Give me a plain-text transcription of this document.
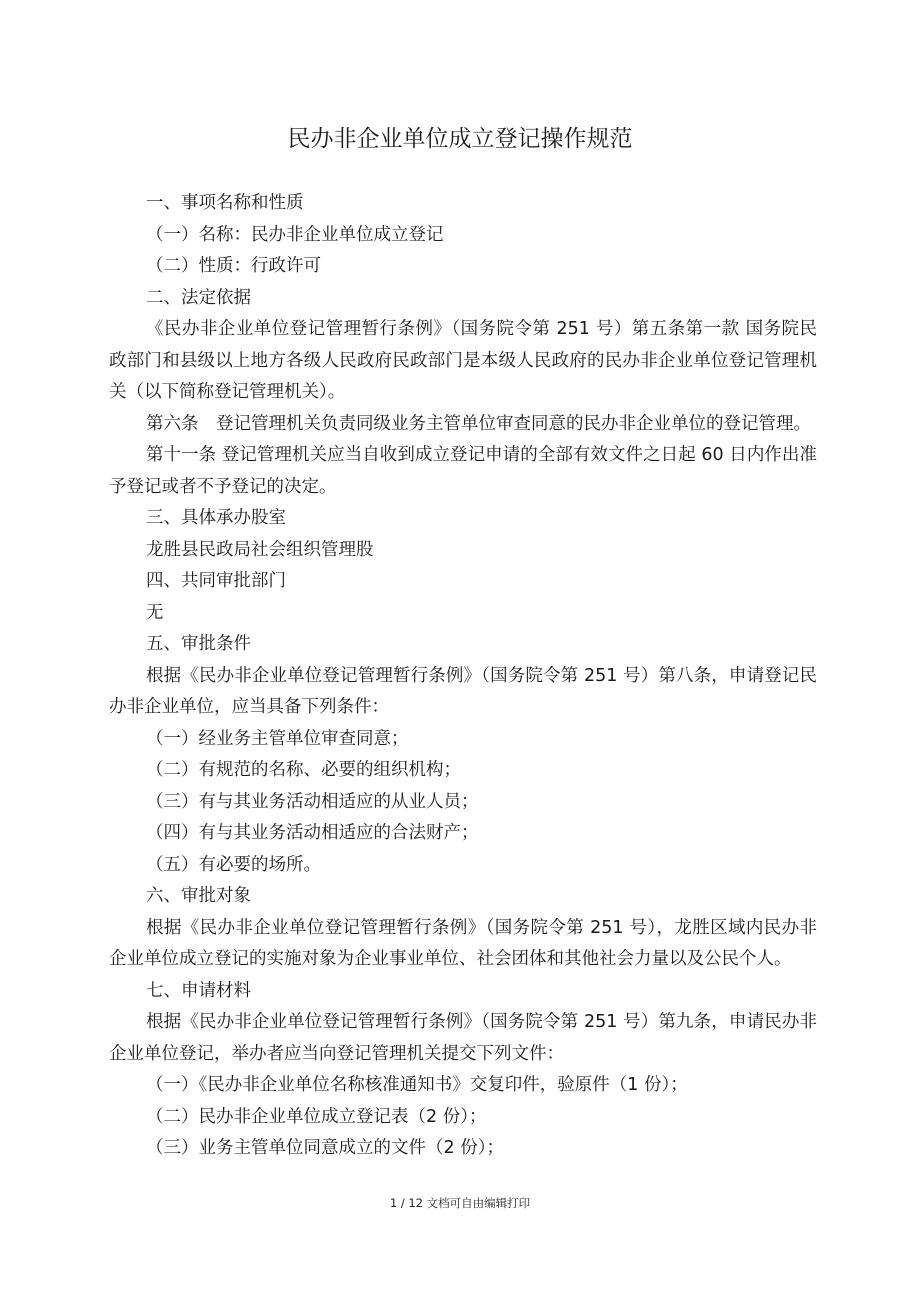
民办非企业单位成立登记操作规范

一、事项名称和性质

（一）名称：民办非企业单位成立登记

（二）性质：行政许可

二、法定依据

《民办非企业单位登记管理暂行条例》（国务院令第 251 号）第五条第一款 国务院民政部门和县级以上地方各级人民政府民政部门是本级人民政府的民办非企业单位登记管理机关（以下简称登记管理机关）。

第六条　登记管理机关负责同级业务主管单位审查同意的民办非企业单位的登记管理。

第十一条 登记管理机关应当自收到成立登记申请的全部有效文件之日起 60 日内作出准予登记或者不予登记的决定。

三、具体承办股室

龙胜县民政局社会组织管理股

四、共同审批部门

无

五、审批条件

根据《民办非企业单位登记管理暂行条例》（国务院令第 251 号）第八条，申请登记民办非企业单位，应当具备下列条件：

（一）经业务主管单位审查同意；

（二）有规范的名称、必要的组织机构；

（三）有与其业务活动相适应的从业人员；

（四）有与其业务活动相适应的合法财产；

（五）有必要的场所。

六、审批对象

根据《民办非企业单位登记管理暂行条例》（国务院令第 251 号），龙胜区域内民办非企业单位成立登记的实施对象为企业事业单位、社会团体和其他社会力量以及公民个人。

七、申请材料

根据《民办非企业单位登记管理暂行条例》（国务院令第 251 号）第九条，申请民办非企业单位登记，举办者应当向登记管理机关提交下列文件：

（一）《民办非企业单位名称核准通知书》交复印件，验原件（1 份）；

（二）民办非企业单位成立登记表（2 份）；

（三）业务主管单位同意成立的文件（2 份）；

1 / 12 文档可自由编辑打印
